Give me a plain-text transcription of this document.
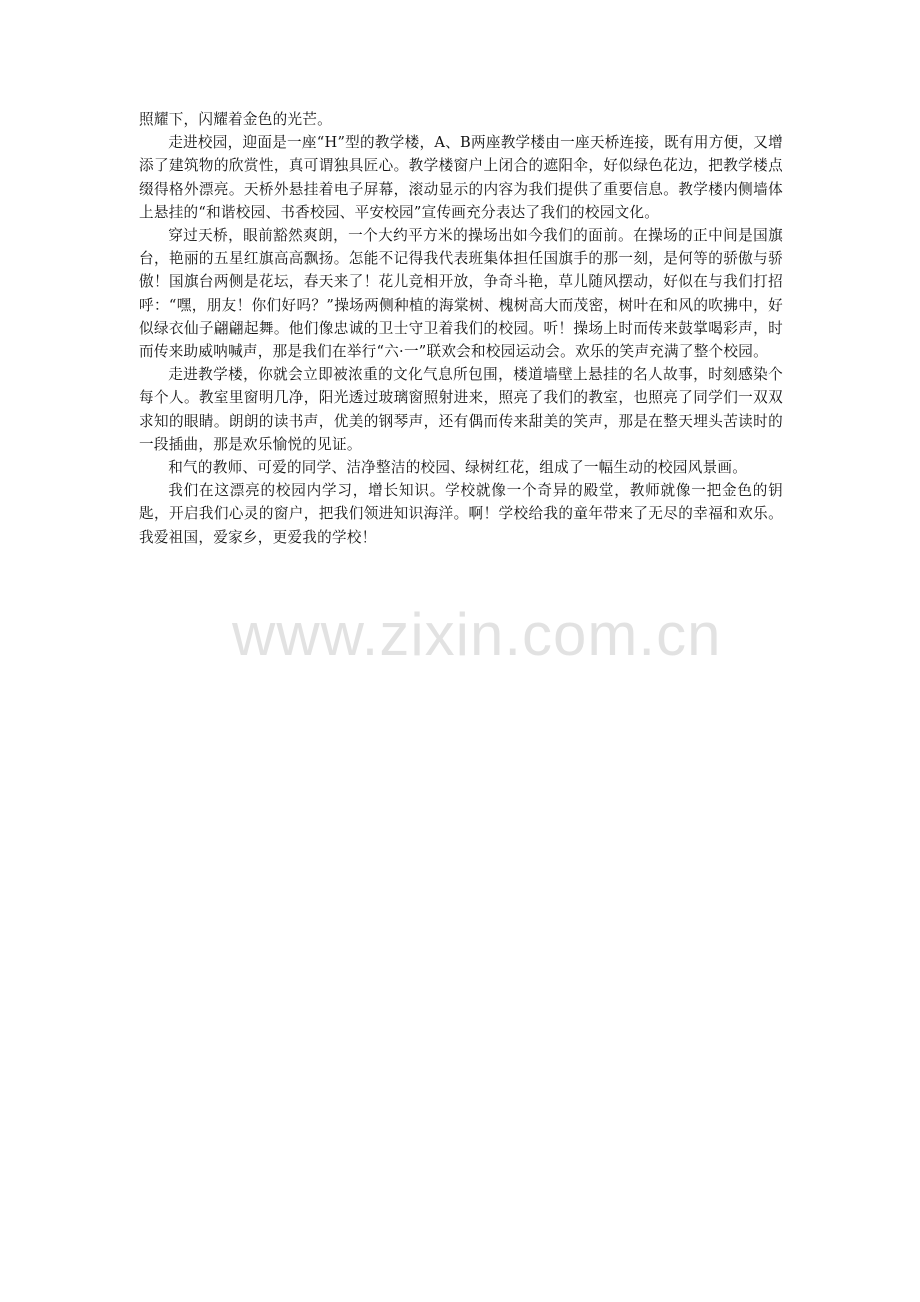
照耀下，闪耀着金色的光芒。

走进校园，迎面是一座“H”型的教学楼，A、B两座教学楼由一座天桥连接，既有用方便，又增添了建筑物的欣赏性，真可谓独具匠心。教学楼窗户上闭合的遮阳伞，好似绿色花边，把教学楼点缀得格外漂亮。天桥外悬挂着电子屏幕，滚动显示的内容为我们提供了重要信息。教学楼内侧墙体上悬挂的“和谐校园、书香校园、平安校园”宣传画充分表达了我们的校园文化。

穿过天桥，眼前豁然爽朗，一个大约平方米的操场出如今我们的面前。在操场的正中间是国旗台，艳丽的五星红旗高高飘扬。怎能不记得我代表班集体担任国旗手的那一刻，是何等的骄傲与骄傲！国旗台两侧是花坛，春天来了！花儿竞相开放，争奇斗艳，草儿随风摆动，好似在与我们打招呼：“嘿，朋友！你们好吗？”操场两侧种植的海棠树、槐树高大而茂密，树叶在和风的吹拂中，好似绿衣仙子翩翩起舞。他们像忠诚的卫士守卫着我们的校园。听！操场上时而传来鼓掌喝彩声，时而传来助威呐喊声，那是我们在举行“六·一”联欢会和校园运动会。欢乐的笑声充满了整个校园。

走进教学楼，你就会立即被浓重的文化气息所包围，楼道墙壁上悬挂的名人故事，时刻感染个每个人。教室里窗明几净，阳光透过玻璃窗照射进来，照亮了我们的教室，也照亮了同学们一双双求知的眼睛。朗朗的读书声，优美的钢琴声，还有偶而传来甜美的笑声，那是在整天埋头苦读时的一段插曲，那是欢乐愉悦的见证。

和气的教师、可爱的同学、洁净整洁的校园、绿树红花，组成了一幅生动的校园风景画。

我们在这漂亮的校园内学习，增长知识。学校就像一个奇异的殿堂，教师就像一把金色的钥匙，开启我们心灵的窗户，把我们领进知识海洋。啊！学校给我的童年带来了无尽的幸福和欢乐。我爱祖国，爱家乡，更爱我的学校！

www.zixin.com.cn
